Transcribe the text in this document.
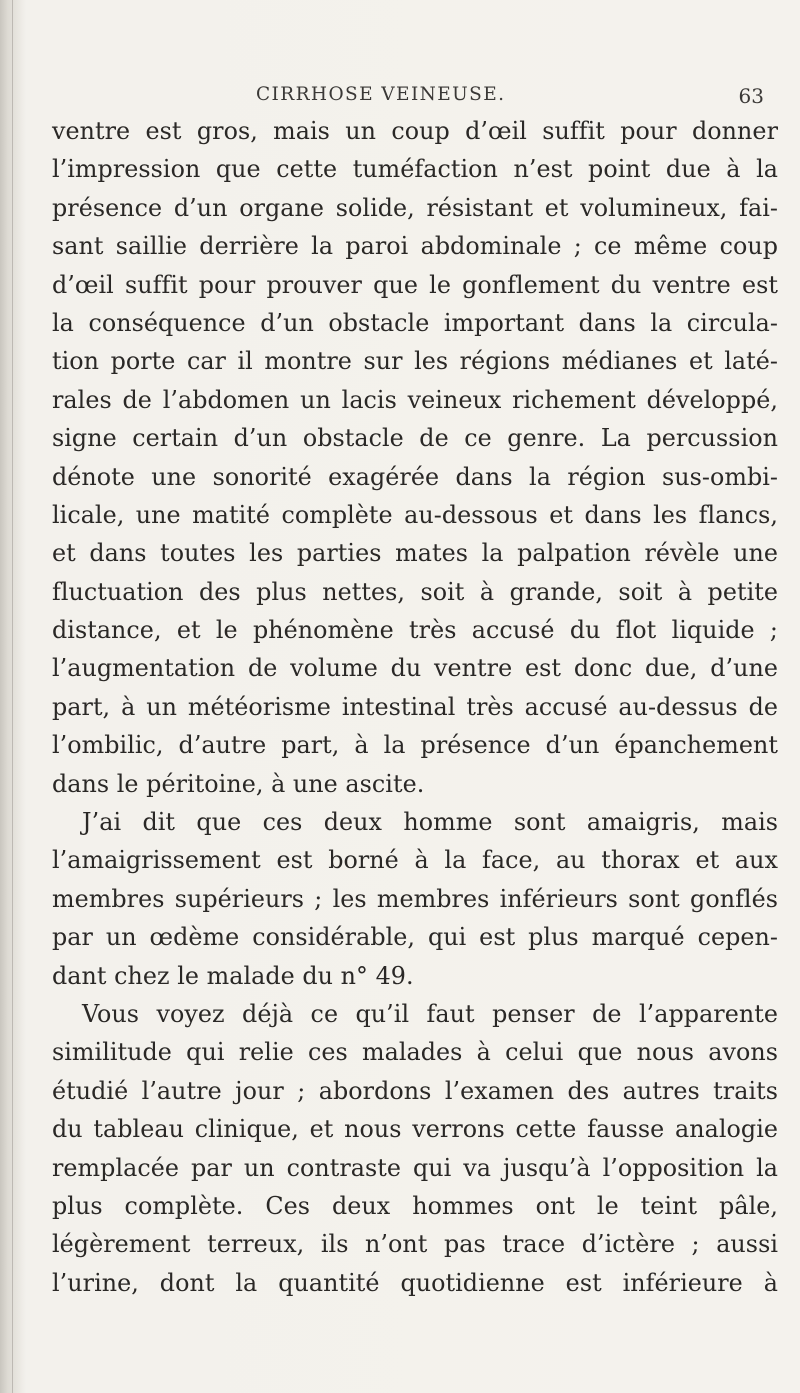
CIRRHOSE VEINEUSE.	63
ventre est gros, mais un coup d’œil suffit pour donner
l’impression que cette tuméfaction n’est point due à la
présence d’un organe solide, résistant et volumineux, fai-
sant saillie derrière la paroi abdominale ; ce même coup
d’œil suffit pour prouver que le gonflement du ventre est
la conséquence d’un obstacle important dans la circula-
tion porte car il montre sur les régions médianes et laté-
rales de l’abdomen un lacis veineux richement développé,
signe certain d’un obstacle de ce genre. La percussion
dénote une sonorité exagérée dans la région sus-ombi-
licale, une matité complète au-dessous et dans les flancs,
et dans toutes les parties mates la palpation révèle une
fluctuation des plus nettes, soit à grande, soit à petite
distance, et le phénomène très accusé du flot liquide ;
l’augmentation de volume du ventre est donc due, d’une
part, à un météorisme intestinal très accusé au-dessus de
l’ombilic, d’autre part, à la présence d’un épanchement
dans le péritoine, à une ascite.
J’ai dit que ces deux homme sont amaigris, mais
l’amaigrissement est borné à la face, au thorax et aux
membres supérieurs ; les membres inférieurs sont gonflés
par un œdème considérable, qui est plus marqué cepen-
dant chez le malade du n° 49.
Vous voyez déjà ce qu’il faut penser de l’apparente
similitude qui relie ces malades à celui que nous avons
étudié l’autre jour ; abordons l’examen des autres traits
du tableau clinique, et nous verrons cette fausse analogie
remplacée par un contraste qui va jusqu’à l’opposition la
plus complète. Ces deux hommes ont le teint pâle,
légèrement terreux, ils n’ont pas trace d’ictère ; aussi
l’urine, dont la quantité quotidienne est inférieure à
